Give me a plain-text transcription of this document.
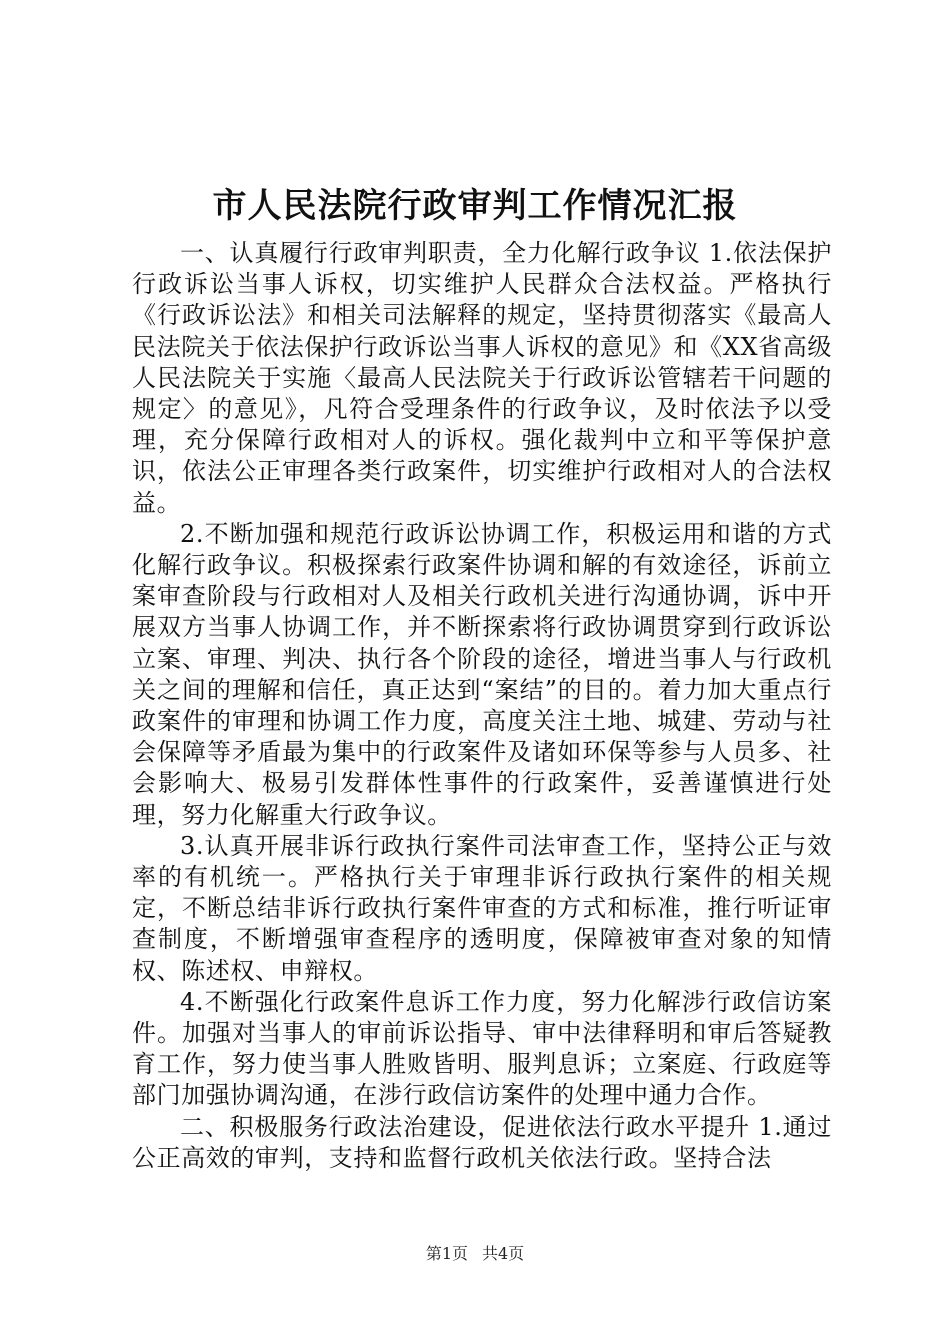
市人民法院行政审判工作情况汇报

一、认真履行行政审判职责，全力化解行政争议 1.依法保护行政诉讼当事人诉权，切实维护人民群众合法权益。严格执行《行政诉讼法》和相关司法解释的规定，坚持贯彻落实《最高人民法院关于依法保护行政诉讼当事人诉权的意见》和《XX省高级人民法院关于实施〈最高人民法院关于行政诉讼管辖若干问题的规定〉的意见》，凡符合受理条件的行政争议，及时依法予以受理，充分保障行政相对人的诉权。强化裁判中立和平等保护意识，依法公正审理各类行政案件，切实维护行政相对人的合法权益。

2.不断加强和规范行政诉讼协调工作，积极运用和谐的方式化解行政争议。积极探索行政案件协调和解的有效途径，诉前立案审查阶段与行政相对人及相关行政机关进行沟通协调，诉中开展双方当事人协调工作，并不断探索将行政协调贯穿到行政诉讼立案、审理、判决、执行各个阶段的途径，增进当事人与行政机关之间的理解和信任，真正达到“案结”的目的。着力加大重点行政案件的审理和协调工作力度，高度关注土地、城建、劳动与社会保障等矛盾最为集中的行政案件及诸如环保等参与人员多、社会影响大、极易引发群体性事件的行政案件，妥善谨慎进行处理，努力化解重大行政争议。

3.认真开展非诉行政执行案件司法审查工作，坚持公正与效率的有机统一。严格执行关于审理非诉行政执行案件的相关规定，不断总结非诉行政执行案件审查的方式和标准，推行听证审查制度，不断增强审查程序的透明度，保障被审查对象的知情权、陈述权、申辩权。

4.不断强化行政案件息诉工作力度，努力化解涉行政信访案件。加强对当事人的审前诉讼指导、审中法律释明和审后答疑教育工作，努力使当事人胜败皆明、服判息诉；立案庭、行政庭等部门加强协调沟通，在涉行政信访案件的处理中通力合作。

二、积极服务行政法治建设，促进依法行政水平提升 1.通过公正高效的审判，支持和监督行政机关依法行政。坚持合法

第1页 共4页
